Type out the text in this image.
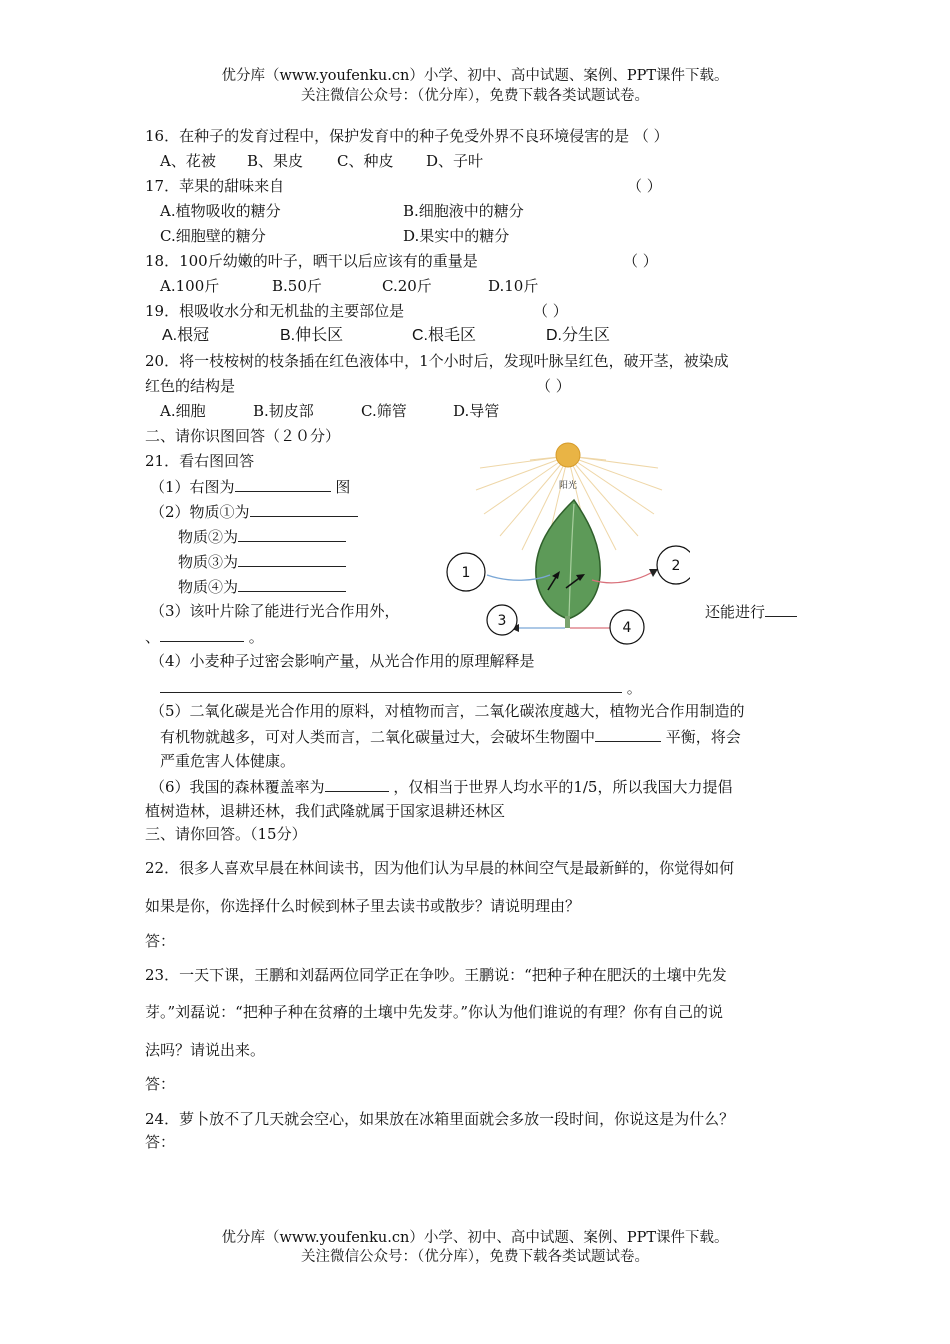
优分库（www.youfenku.cn）小学、初中、高中试题、案例、PPT课件下载。
关注微信公众号：（优分库），免费下载各类试题试卷。
16．在种子的发育过程中，保护发育中的种子免受外界不良环境侵害的是 （ ）
A、花被 B、果皮 C、种皮 D、子叶
17．苹果的甜味来自	（ ）
A.植物吸收的糖分	B.细胞液中的糖分
C.细胞壁的糖分	D.果实中的糖分
18．100斤幼嫩的叶子，晒干以后应该有的重量是	（ ）
A.100斤	B.50斤	C.20斤	D.10斤
19．根吸收水分和无机盐的主要部位是	（ ）
A.根冠	B.伸长区	C.根毛区	D.分生区
20．将一枝桉树的枝条插在红色液体中，1个小时后，发现叶脉呈红色，破开茎，被染成
红色的结构是	（ ）
A.细胞	B.韧皮部	C.筛管	D.导管
二、请你识图回答（２０分）
21．看右图回答
（1）右图为	图
（2）物质①为
物质②为
物质③为
物质④为
（3）该叶片除了能进行光合作用外，	还能进行
、	。
（4）小麦种子过密会影响产量，从光合作用的原理解释是
。
（5）二氧化碳是光合作用的原料，对植物而言，二氧化碳浓度越大，植物光合作用制造的
有机物就越多，可对人类而言，二氧化碳量过大，会破坏生物圈中	平衡，将会
严重危害人体健康。
（6）我国的森林覆盖率为	，仅相当于世界人均水平的1/5，所以我国大力提倡
植树造林，退耕还林，我们武隆就属于国家退耕还林区
阳光
1	2
3	4
三、请你回答。（15分）
22．很多人喜欢早晨在林间读书，因为他们认为早晨的林间空气是最新鲜的，你觉得如何
如果是你，你选择什么时候到林子里去读书或散步？请说明理由？
答：
23．一天下课，王鹏和刘磊两位同学正在争吵。王鹏说：“把种子种在肥沃的土壤中先发
芽。”刘磊说：“把种子种在贫瘠的土壤中先发芽。”你认为他们谁说的有理？你有自己的说
法吗？请说出来。
答：
24．萝卜放不了几天就会空心，如果放在冰箱里面就会多放一段时间，你说这是为什么？
答：
优分库（www.youfenku.cn）小学、初中、高中试题、案例、PPT课件下载。
关注微信公众号：（优分库），免费下载各类试题试卷。
